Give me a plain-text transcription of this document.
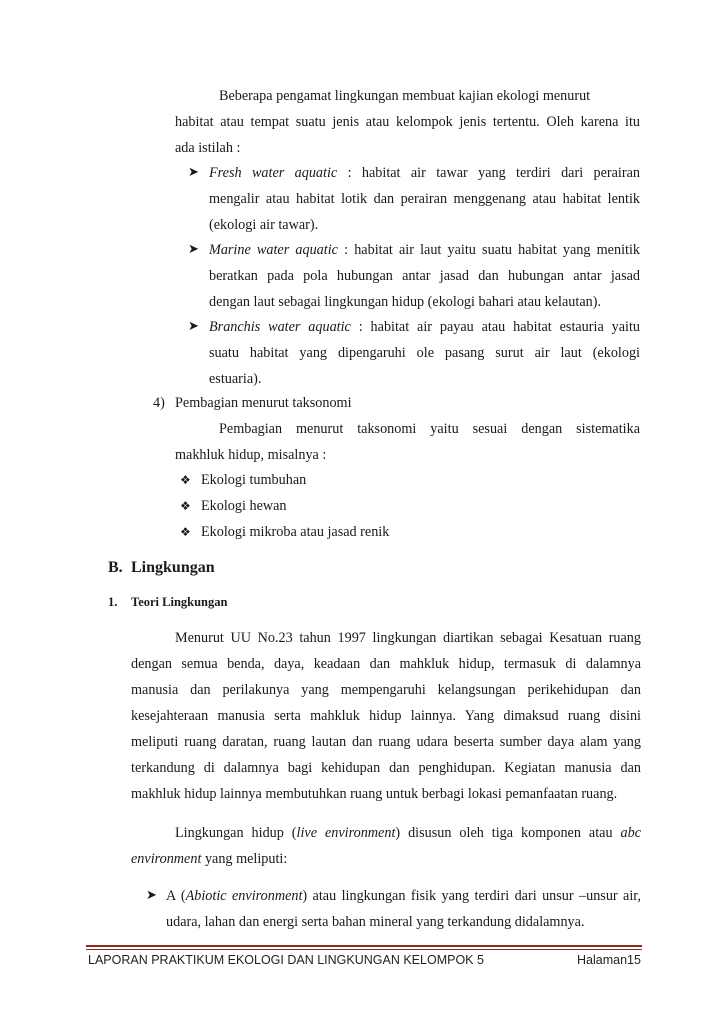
Beberapa pengamat lingkungan membuat kajian ekologi menurut
habitat atau tempat suatu jenis atau kelompok jenis tertentu. Oleh karena itu
ada istilah :
➤ Fresh water aquatic : habitat air tawar yang terdiri dari perairan
mengalir atau habitat lotik dan perairan menggenang atau habitat lentik
(ekologi air tawar).
➤ Marine water aquatic : habitat air laut yaitu suatu habitat yang menitik
beratkan pada pola hubungan antar jasad dan hubungan antar jasad
dengan laut sebagai lingkungan hidup (ekologi bahari atau kelautan).
➤ Branchis water aquatic : habitat air payau atau habitat estauria yaitu
suatu habitat yang dipengaruhi ole pasang surut air laut (ekologi
estuaria).
4) Pembagian menurut taksonomi
Pembagian menurut taksonomi yaitu sesuai dengan sistematika
makhluk hidup, misalnya :
❖ Ekologi tumbuhan
❖ Ekologi hewan
❖ Ekologi mikroba atau jasad renik
B. Lingkungan
1. Teori Lingkungan
Menurut UU No.23 tahun 1997 lingkungan diartikan sebagai Kesatuan ruang
dengan semua benda, daya, keadaan dan mahkluk hidup, termasuk di dalamnya
manusia dan perilakunya yang mempengaruhi kelangsungan perikehidupan dan
kesejahteraan manusia serta mahkluk hidup lainnya. Yang dimaksud ruang disini
meliputi ruang daratan, ruang lautan dan ruang udara beserta sumber daya alam yang
terkandung di dalamnya bagi kehidupan dan penghidupan. Kegiatan manusia dan
makhluk hidup lainnya membutuhkan ruang untuk berbagi lokasi pemanfaatan ruang.
Lingkungan hidup (live environment) disusun oleh tiga komponen atau abc
environment yang meliputi:
➤ A (Abiotic environment) atau lingkungan fisik yang terdiri dari unsur –unsur air,
udara, lahan dan energi serta bahan mineral yang terkandung didalamnya.
LAPORAN PRAKTIKUM EKOLOGI DAN LINGKUNGAN KELOMPOK 5	Halaman15
